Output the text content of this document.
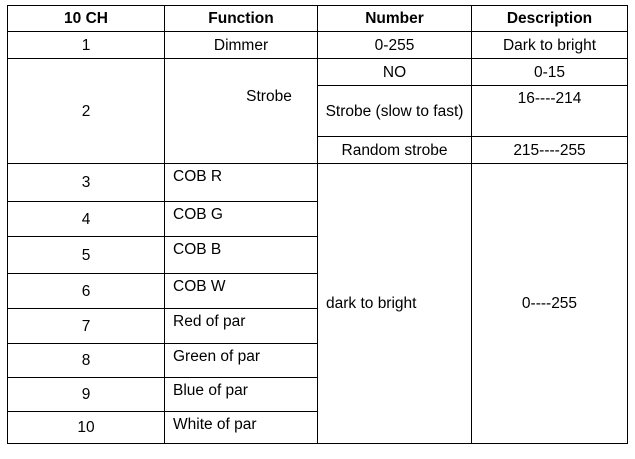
10 CH	Function	Number	Description
1	Dimmer	0-255	Dark to bright
2	Strobe	NO	0-15
		Strobe (slow to fast)	16----214
		Random strobe	215----255
3	COB R	dark to bright	0----255
4	COB G		
5	COB B		
6	COB W		
7	Red of par		
8	Green of par		
9	Blue of par		
10	White of par		
